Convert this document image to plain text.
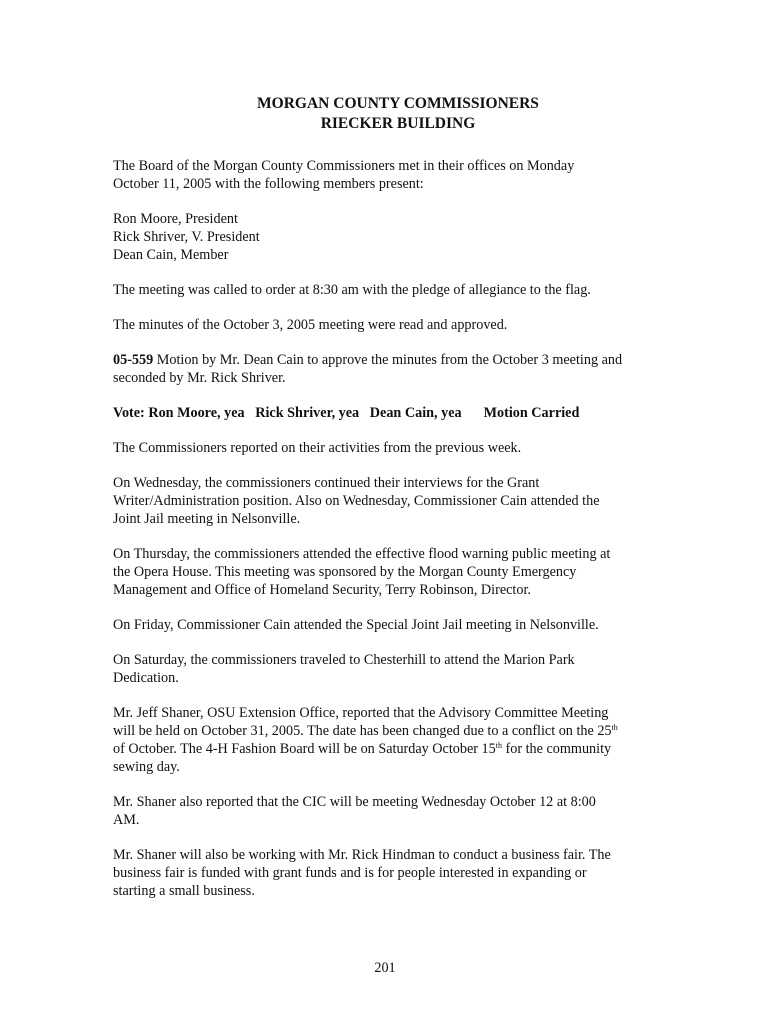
MORGAN COUNTY COMMISSIONERS
RIECKER BUILDING
The Board of the Morgan County Commissioners met in their offices on Monday
October 11, 2005 with the following members present:
Ron Moore, President
Rick Shriver, V. President
Dean Cain, Member
The meeting was called to order at 8:30 am with the pledge of allegiance to the flag.
The minutes of the October 3, 2005 meeting were read and approved.
05-559 Motion by Mr. Dean Cain to approve the minutes from the October 3 meeting and
seconded by Mr. Rick Shriver.
Vote: Ron Moore, yea   Rick Shriver, yea   Dean Cain, yea Motion Carried
The Commissioners reported on their activities from the previous week.
On Wednesday, the commissioners continued their interviews for the Grant
Writer/Administration position. Also on Wednesday, Commissioner Cain attended the
Joint Jail meeting in Nelsonville.
On Thursday, the commissioners attended the effective flood warning public meeting at
the Opera House. This meeting was sponsored by the Morgan County Emergency
Management and Office of Homeland Security, Terry Robinson, Director.
On Friday, Commissioner Cain attended the Special Joint Jail meeting in Nelsonville.
On Saturday, the commissioners traveled to Chesterhill to attend the Marion Park
Dedication.
Mr. Jeff Shaner, OSU Extension Office, reported that the Advisory Committee Meeting
will be held on October 31, 2005. The date has been changed due to a conflict on the 25th
of October. The 4-H Fashion Board will be on Saturday October 15th for the community
sewing day.
Mr. Shaner also reported that the CIC will be meeting Wednesday October 12 at 8:00
AM.
Mr. Shaner will also be working with Mr. Rick Hindman to conduct a business fair. The
business fair is funded with grant funds and is for people interested in expanding or
starting a small business.
201
